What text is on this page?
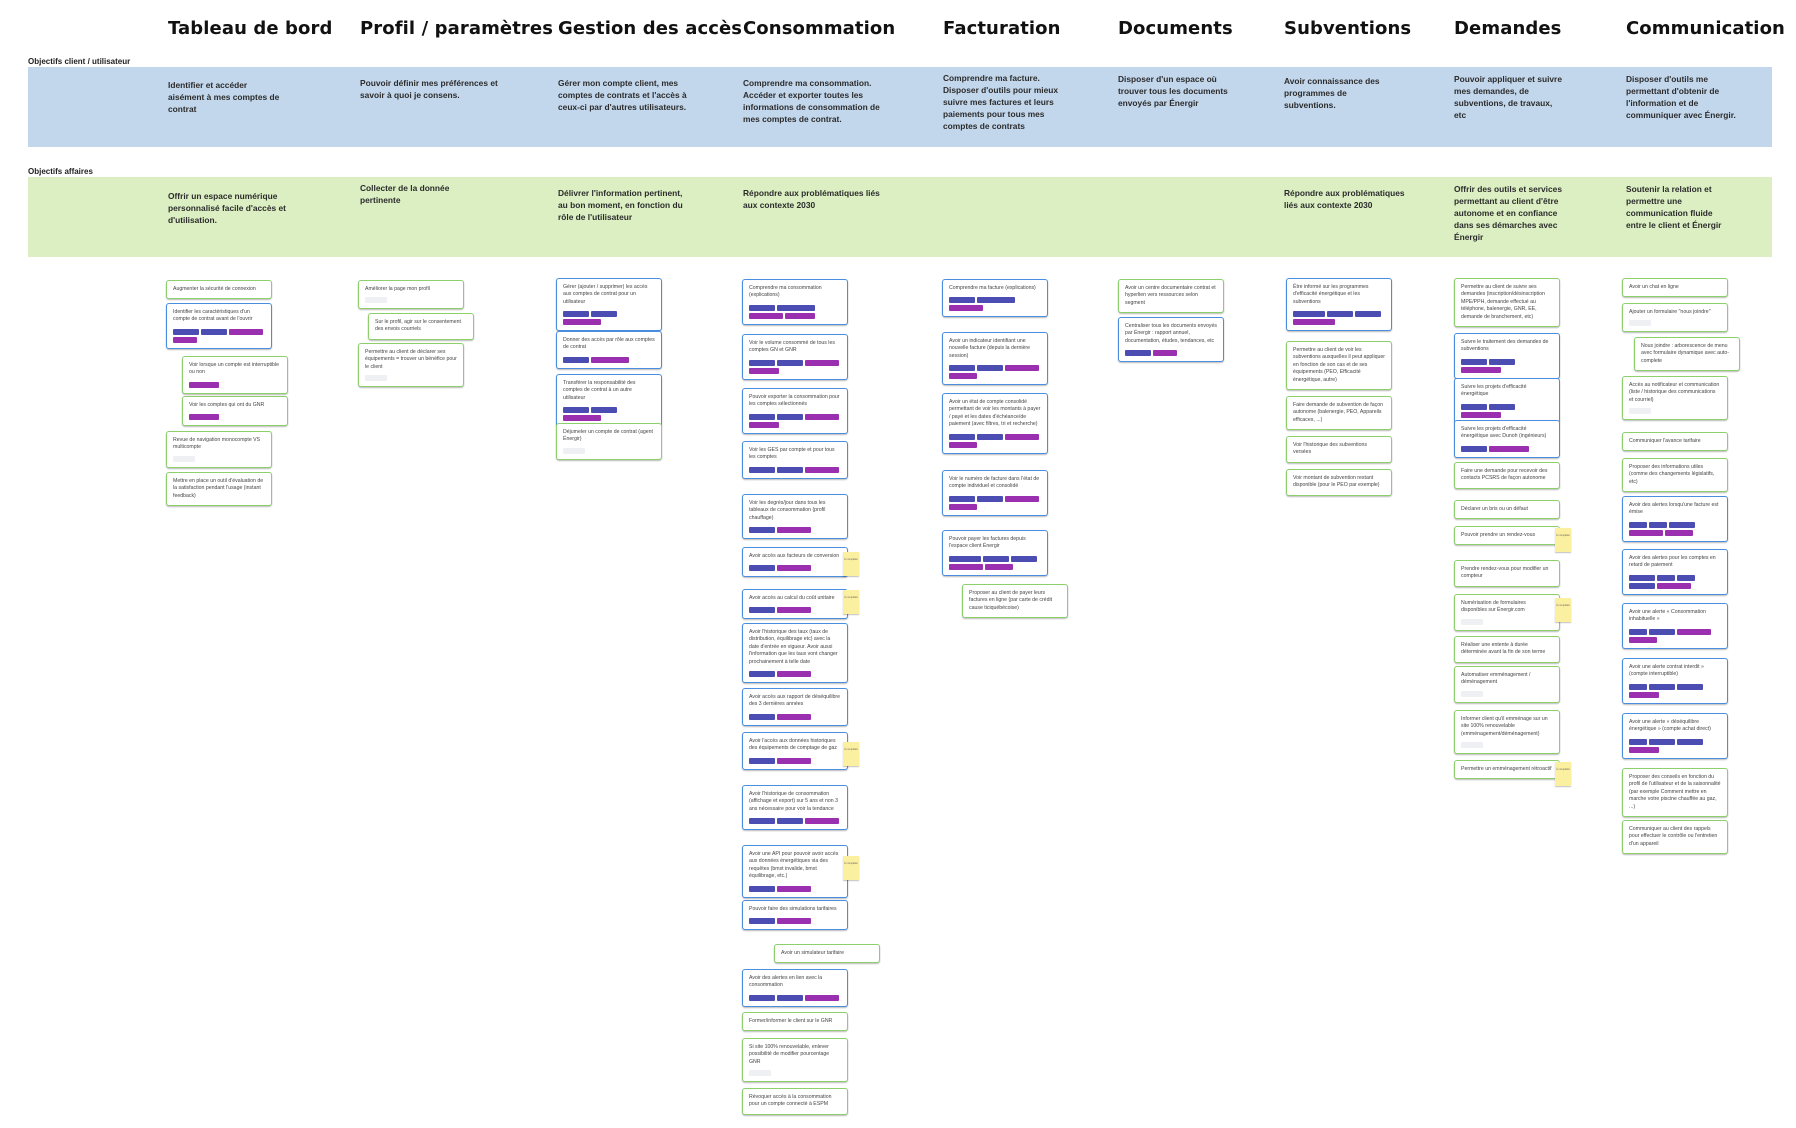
Tableau de bord Profil / paramètres Gestion des accès Consommation	Facturation	Documents	Subventions Demandes	Communication
Objectifs client / utilisateur
Objectifs affaires
Identifier et accéder aisément à mes comptes de contrat
Pouvoir définir mes préférences et savoir à quoi je consens.
Gérer mon compte client, mes comptes de contrats et l'accès à ceux-ci par d'autres utilisateurs.
Comprendre ma consommation. Accéder et exporter toutes les informations de consommation de mes comptes de contrat.
Comprendre ma facture. Disposer d'outils pour mieux suivre mes factures et leurs paiements pour tous mes comptes de contrats
Disposer d'un espace où trouver tous les documents envoyés par Énergir
Avoir connaissance des programmes de subventions.
Pouvoir appliquer et suivre mes demandes, de subventions, de travaux, etc
Disposer d'outils me permettant d'obtenir de l'information et de communiquer avec Énergir.
Offrir un espace numérique personnalisé facile d'accès et d'utilisation.
Collecter de la donnée pertinente
Délivrer l'information pertinent, au bon moment, en fonction du rôle de l'utilisateur
Répondre aux problématiques liés aux contexte 2030
Répondre aux problématiques liés aux contexte 2030
Offrir des outils et services permettant au client d'être autonome et en confiance dans ses démarches avec Énergir
Soutenir la relation et permettre une communication fluide entre le client et Énergir
Augmenter la sécurité de connexion
Identifier les caractéristiques d'un compte de contrat avant de l'ouvrir
Voir lorsque un compte est interruptible ou non
Voir les comptes qui ont du GNR
Revue de navigation monocompte VS multicompte
Mettre en place un outil d'évaluation de la satisfaction pendant l'usage (instant feedback)
Améliorer la page mon profil
Sur le profil, agir sur le consentement des envois courriels
Permettre au client de déclarer ses équipements = trouver un bénéfice pour le client
Gérer (ajouter / supprimer) les accès aux comptes de contrat pour un utilisateur
Donner des accès par rôle aux comptes de contrat
Transférer la responsabilité des comptes de contrat à un autre utilisateur
Déjumeler un compte de contrat (agent Énergir)
Comprendre ma consommation (explications)
Voir le volume consommé de tous les comptes GN et GNR
Pouvoir exporter la consommation pour les comptes sélectionnés
Voir les GES par compte et pour tous les comptes
Voir les degrés/jour dans tous les tableaux de consommation (profil chauffage)
Avoir accès aux facteurs de conversion
À compléter
Avoir accès au calcul du coût unitaire	À compléter
Avoir l'historique des taux (taux de distribution, équilibrage etc) avec la date d'entrée en vigueur. Avoir aussi l'information que les taux vont changer prochainement à telle date
Avoir accès aux rapport de déséquilibre des 3 dernières années
Avoir l'accès aux données historiques des équipements de comptage de gaz	À compléter
Avoir l'historique de consommation (affichage et export) sur 5 ans et non 3 ans nécessaire pour voir la tendance
Avoir une API pour pouvoir avoir accès aux données énergétiques via des requêtes (bmxt invalide, bmxt équilibrage, etc.)
À compléter
Pouvoir faire des simulations tarifaires
Avoir un simulateur tarifaire
Avoir des alertes en lien avec la consommation
Former/informer le client sur le GNR
Si site 100% renouvelable, enlever possibilité de modifier pourcentage GNR
Révoquer accès à la consommation pour un compte connecté à ESPM
Comprendre ma facture (explications)
Avoir un indicateur identifiant une nouvelle facture (depuis la dernière session)
Avoir un état de compte consolidé permettant de voir les montants à payer / payé et les dates d'échéance/de paiement (avec filtres, tri et recherche)
Voir le numéro de facture dans l'état de compte individuel et consolidé
Pouvoir payer les factures depuis l'espace client Énergir
Proposer au client de payer leurs factures en ligne (par carte de crédit cause ticiquébécoise)
Avoir un centre documentaire contrat et hyperlien vers ressources selon segment
Centraliser tous les documents envoyés par Énergir : rapport annuel, documentation, études, tendances, etc
Être informé sur les programmes d'efficacité énergétique et les subventions
Permettre au client de voir les subventions auxquelles il peut appliquer en fonction de son cas et de ses équipements (PEO, Efficacité énergétique, autre)
Faire demande de subvention de façon autonome (balenergie, PEO, Appareils efficaces, ...)
Voir l'historique des subventions versées
Voir montant de subvention restant disponible (pour le PEO par exemple)
Permettre au client de suivre ses demandes (inscription/désinscription MPE/PPH, demande effectué au téléphone, balenergie, GNR, EE, demande de branchement, etc)
Suivre le traitement des demandes de subventions
Suivre les projets d'efficacité énergétique
Suivre les projets d'efficacité énergétique avec Dunoh (ingénieurs)
Faire une demande pour recevoir des contacts PCSRS de façon autonome
Déclarer un bris ou un défaut
Pouvoir prendre un rendez-vous	À compléter
Prendre rendez-vous pour modifier un compteur
Numérisation de formulaires disponibles sur Énergir.com
À compléter
Réaliser une entente à durée déterminée avant la fin de son terme
Automatiser emménagement / déménagement
Informer client qu'il emménage sur un site 100% renouvelable (emménagement/déménagement)
Permettre un emménagement rétroactif	À compléter
Avoir un chat en ligne
Ajouter un formulaire "nous joindre"
Nous joindre : arborescence de menu avec formulaire dynamique avec auto-complete
Accès au notificateur et communication (liste / historique des communications et courriel)
Communiquer l'avance tarifaire
Proposer des informations utiles (comme des changements législatifs, etc)
Avoir des alertes lorsqu'une facture est émise
Avoir des alertes pour les comptes en retard de paiement
Avoir une alerte « Consommation inhabituelle »
Avoir une alerte contrat interdit » (compte interruptible)
Avoir une alerte « déséquilibre énergétique » (compte achat direct)
Proposer des conseils en fonction du profil de l'utilisateur et de la saisonnalité (par exemple Comment mettre en marche votre piscine chauffée au gaz, ...)
Communiquer au client des rappels pour effectuer le contrôle ou l'entretien d'un appareil
